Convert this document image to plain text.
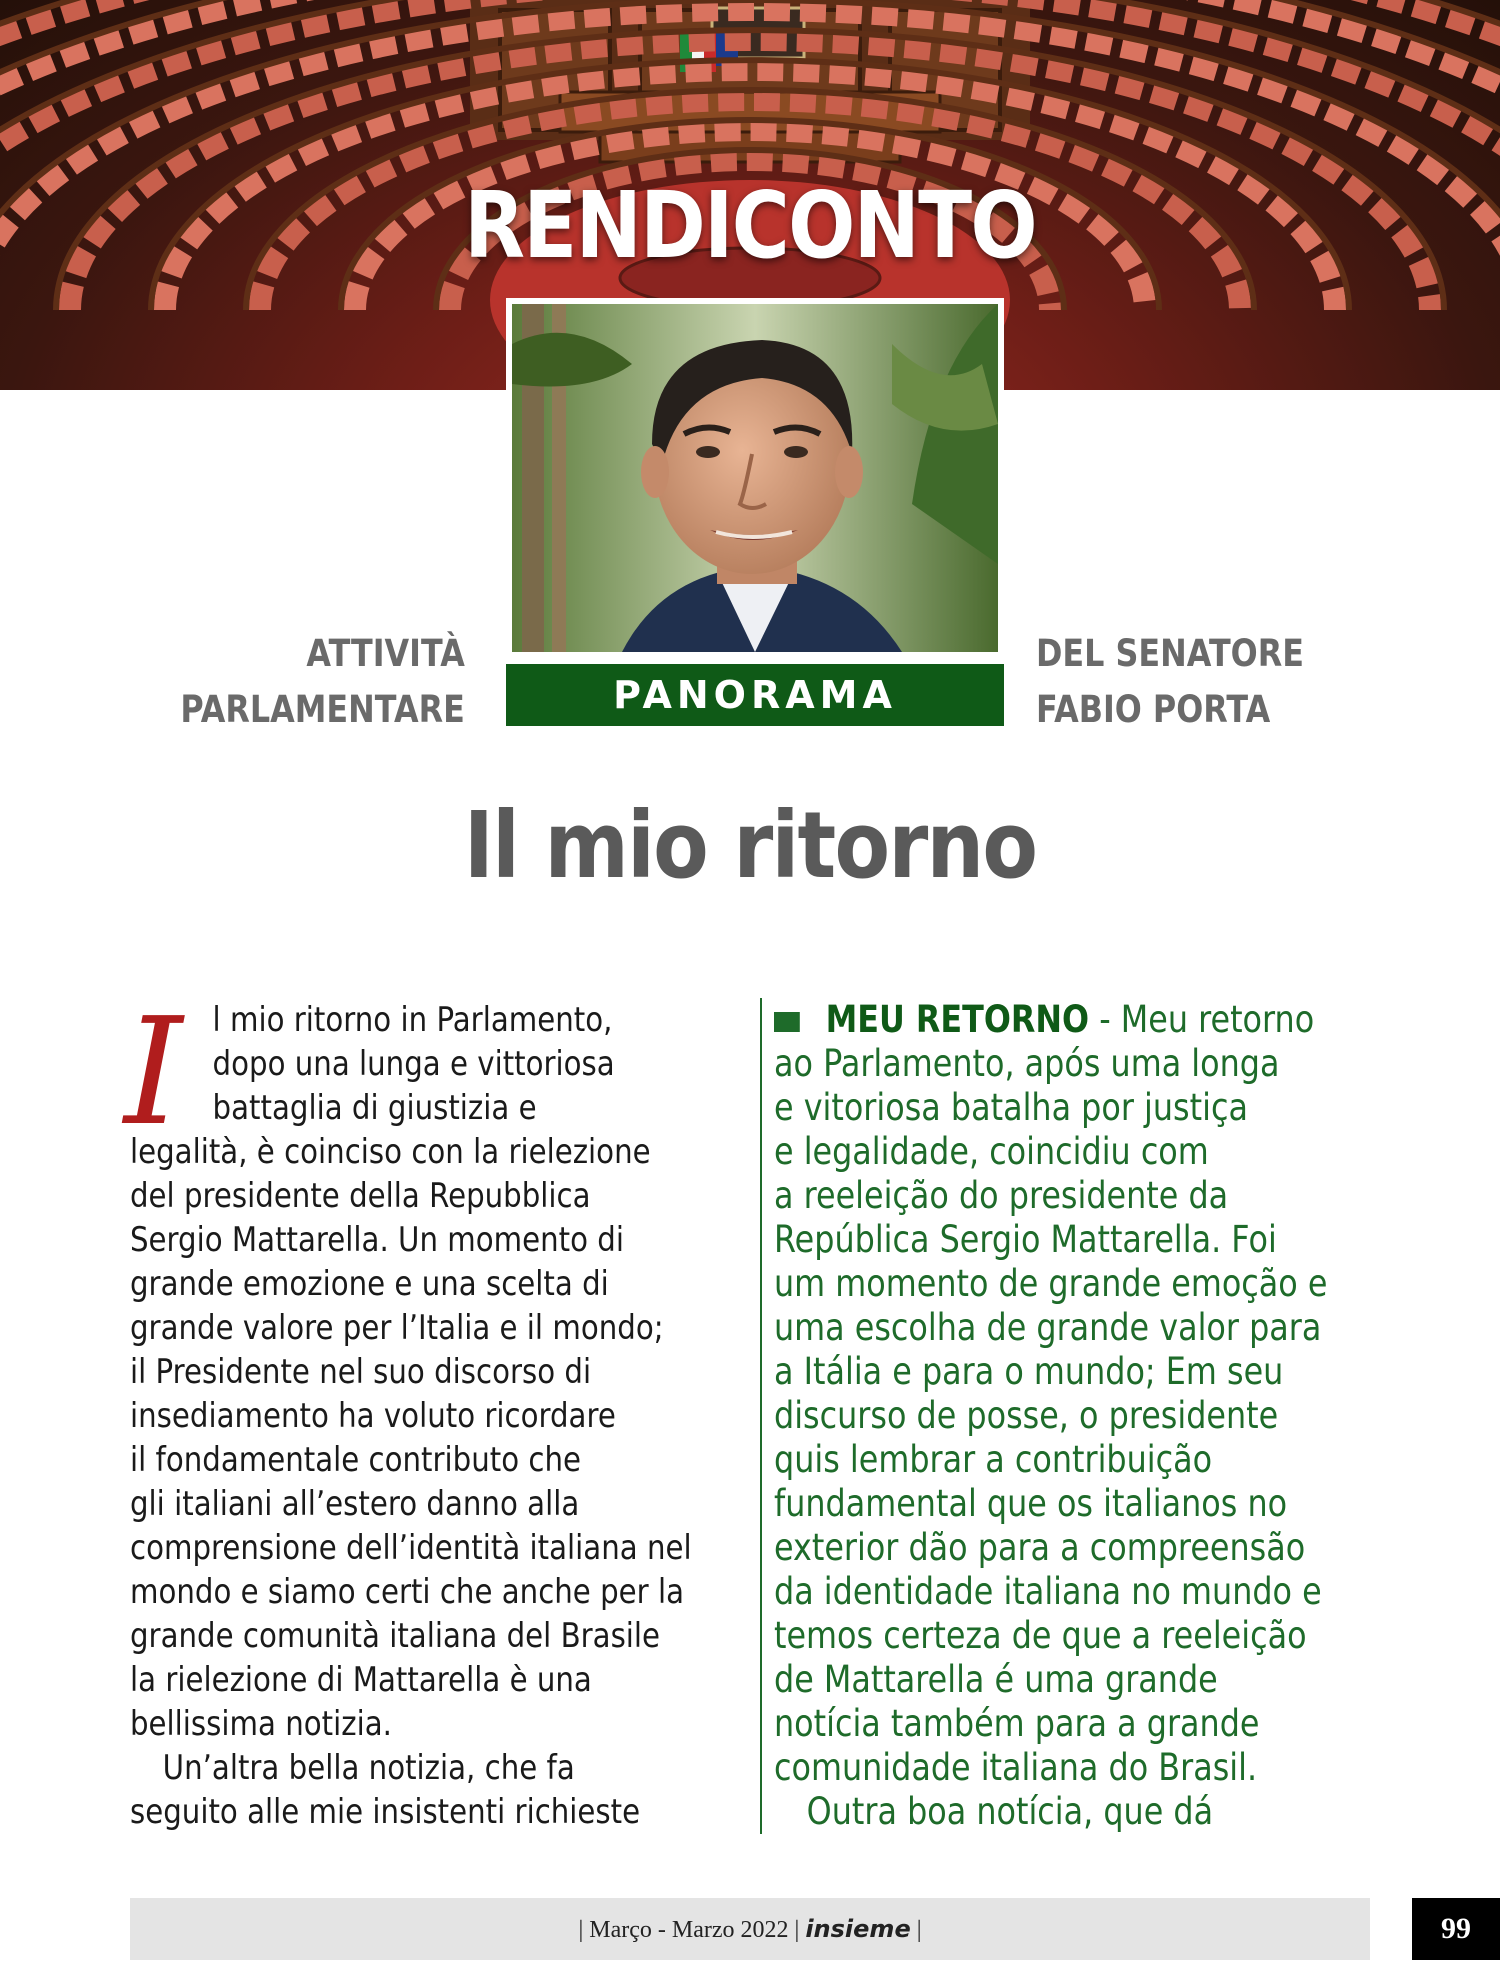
RENDICONTO
PANORAMA
ATTIVITÀ
PARLAMENTARE
DEL SENATORE
FABIO PORTA
Il mio ritorno
I l mio ritorno in Parlamento,
dopo una lunga e vittoriosa
battaglia di giustizia e
legalità, è coinciso con la rielezione
del presidente della Repubblica
Sergio Mattarella. Un momento di
grande emozione e una scelta di
grande valore per l’Italia e il mondo;
il Presidente nel suo discorso di
insediamento ha voluto ricordare
il fondamentale contributo che
gli italiani all’estero danno alla
comprensione dell’identità italiana nel
mondo e siamo certi che anche per la
grande comunità italiana del Brasile
la rielezione di Mattarella è una
bellissima notizia.
Un’altra bella notizia, che fa
seguito alle mie insistenti richieste
MEU RETORNO - Meu retorno
ao Parlamento, após uma longa
e vitoriosa batalha por justiça
e legalidade, coincidiu com
a reeleição do presidente da
República Sergio Mattarella. Foi
um momento de grande emoção e
uma escolha de grande valor para
a Itália e para o mundo; Em seu
discurso de posse, o presidente
quis lembrar a contribuição
fundamental que os italianos no
exterior dão para a compreensão
da identidade italiana no mundo e
temos certeza de que a reeleição
de Mattarella é uma grande
notícia também para a grande
comunidade italiana do Brasil.
Outra boa notícia, que dá
| Março - Marzo 2022 | insieme |	99
